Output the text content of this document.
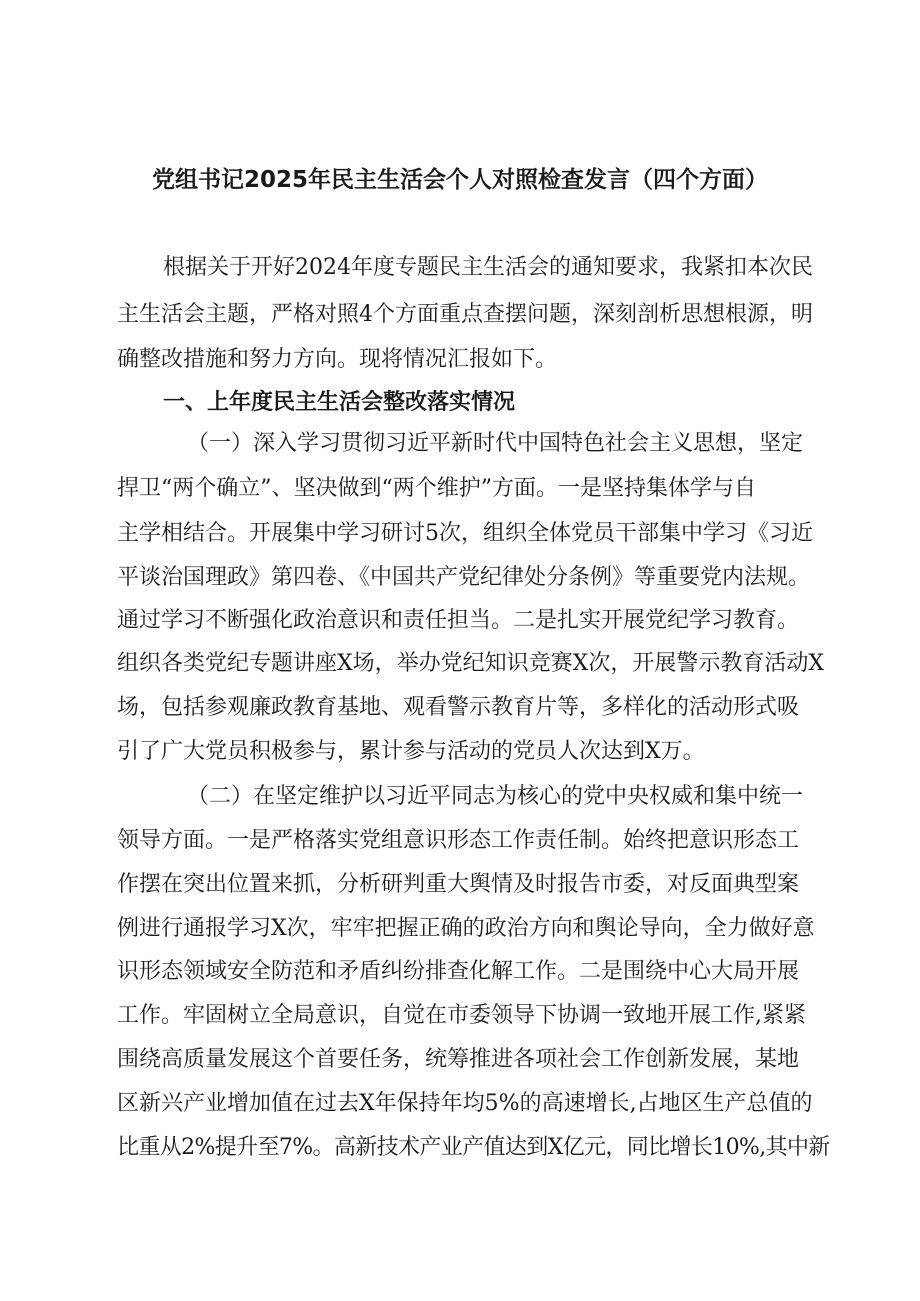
党组书记2025年民主生活会个人对照检查发言（四个方面）
根据关于开好2024年度专题民主生活会的通知要求，我紧扣本次民
主生活会主题，严格对照4个方面重点查摆问题，深刻剖析思想根源，明
确整改措施和努力方向。现将情况汇报如下。
一、上年度民主生活会整改落实情况
（一）深入学习贯彻习近平新时代中国特色社会主义思想，坚定
捍卫“两个确立”、坚决做到“两个维护”方面。一是坚持集体学与自
主学相结合。开展集中学习研讨5次，组织全体党员干部集中学习《习近
平谈治国理政》第四卷、《中国共产党纪律处分条例》等重要党内法规。
通过学习不断强化政治意识和责任担当。二是扎实开展党纪学习教育。
组织各类党纪专题讲座X场，举办党纪知识竞赛X次，开展警示教育活动X
场，包括参观廉政教育基地、观看警示教育片等，多样化的活动形式吸
引了广大党员积极参与，累计参与活动的党员人次达到X万。
（二）在坚定维护以习近平同志为核心的党中央权威和集中统一
领导方面。一是严格落实党组意识形态工作责任制。始终把意识形态工
作摆在突出位置来抓，分析研判重大舆情及时报告市委，对反面典型案
例进行通报学习X次，牢牢把握正确的政治方向和舆论导向，全力做好意
识形态领域安全防范和矛盾纠纷排查化解工作。二是围绕中心大局开展
工作。牢固树立全局意识，自觉在市委领导下协调一致地开展工作,紧紧
围绕高质量发展这个首要任务，统筹推进各项社会工作创新发展，某地
区新兴产业增加值在过去X年保持年均5%的高速增长,占地区生产总值的
比重从2%提升至7%。高新技术产业产值达到X亿元，同比增长10%,其中新
